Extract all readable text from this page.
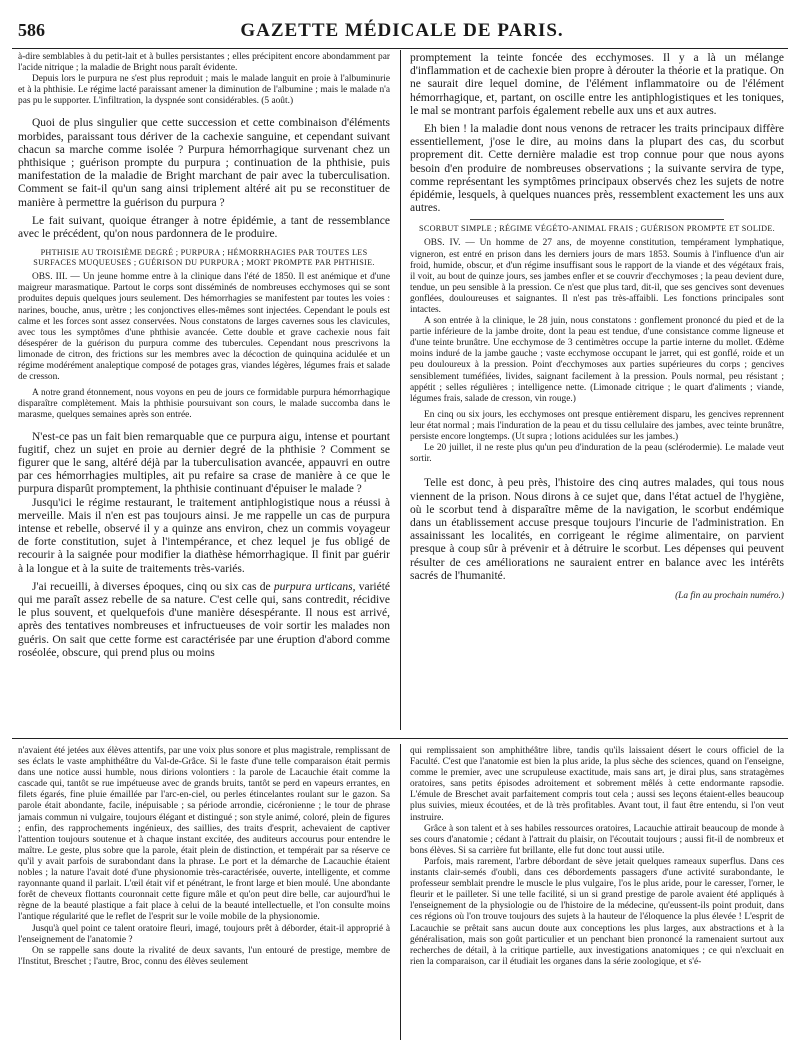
586	GAZETTE MÉDICALE DE PARIS.

à-dire semblables à du petit-lait et à bulles persistantes ; elles précipitent encore abondamment par l'acide nitrique ; la maladie de Bright nous paraît évidente.

Depuis lors le purpura ne s'est plus reproduit ; mais le malade languit en proie à l'albuminurie et à la phthisie. Le régime lacté paraissant amener la diminution de l'albumine ; mais le malade n'a pas pu le supporter. L'infiltration, la dyspnée sont considérables. (5 août.)

Quoi de plus singulier que cette succession et cette combinaison d'éléments morbides, paraissant tous dériver de la cachexie sanguine, et cependant suivant chacun sa marche comme isolée ? Purpura hémorrhagique survenant chez un phthisique ; guérison prompte du purpura ; continuation de la phthisie, puis manifestation de la maladie de Bright marchant de pair avec la tuberculisation. Comment se fait-il qu'un sang ainsi triplement altéré ait pu se reconstituer de manière à permettre la guérison du purpura ?

Le fait suivant, quoique étranger à notre épidémie, a tant de ressemblance avec le précédent, qu'on nous pardonnera de le produire.

PHTHISIE AU TROISIÈME DEGRÉ ; PURPURA ; HÉMORRHAGIES PAR TOUTES LES SURFACES MUQUEUSES ; GUÉRISON DU PURPURA ; MORT PROMPTE PAR PHTHISIE.

OBS. III. — Un jeune homme entre à la clinique dans l'été de 1850. Il est anémique et d'une maigreur marasmatique. Partout le corps sont disséminés de nombreuses ecchymoses qui se sont produites depuis quelques jours seulement. Des hémorrhagies se manifestent par toutes les voies : narines, bouche, anus, urètre ; les conjonctives elles-mêmes sont injectées. Cependant le pouls est calme et les forces sont assez conservées. Nous constatons de larges cavernes sous les clavicules, avec tous les symptômes d'une phthisie avancée. Cette double et grave cachexie nous fait désespérer de la guérison du purpura comme des tubercules. Cependant nous prescrivons la limonade de citron, des frictions sur les membres avec la décoction de quinquina acidulée et un régime modérément analeptique composé de potages gras, viandes légères, légumes frais et salade de cresson.

A notre grand étonnement, nous voyons en peu de jours ce formidable purpura hémorrhagique disparaître complètement. Mais la phthisie poursuivant son cours, le malade succomba dans le marasme, quelques semaines après son entrée.

N'est-ce pas un fait bien remarquable que ce purpura aigu, intense et pourtant fugitif, chez un sujet en proie au dernier degré de la phthisie ? Comment se figurer que le sang, altéré déjà par la tuberculisation avancée, appauvri en outre par ces hémorrhagies multiples, ait pu refaire sa crase de manière à ce que le purpura disparût promptement, la phthisie continuant d'épuiser le malade ?

Jusqu'ici le régime restaurant, le traitement antiphlogistique nous a réussi à merveille. Mais il n'en est pas toujours ainsi. Je me rappelle un cas de purpura intense et rebelle, observé il y a quinze ans environ, chez un commis voyageur de forte constitution, sujet à l'intempérance, et chez lequel je fus obligé de recourir à la saignée pour modifier la diathèse hémorrhagique. Il finit par guérir à la longue et à la suite de traitements très-variés.

J'ai recueilli, à diverses époques, cinq ou six cas de purpura urticans, variété qui me paraît assez rebelle de sa nature. C'est celle qui, sans contredit, récidive le plus souvent, et quelquefois d'une manière désespérante. Il nous est arrivé, après des tentatives nombreuses et infructueuses de voir sortir les malades non guéris. On sait que cette forme est caractérisée par une éruption d'abord comme roséolée, obscure, qui prend plus ou moins

promptement la teinte foncée des ecchymoses. Il y a là un mélange d'inflammation et de cachexie bien propre à dérouter la théorie et la pratique. On ne saurait dire lequel domine, de l'élément inflammatoire ou de l'élément hémorrhagique, et, partant, on oscille entre les antiphlogistiques et les toniques, le mal se montrant parfois également rebelle aux uns et aux autres.

Eh bien ! la maladie dont nous venons de retracer les traits principaux diffère essentiellement, j'ose le dire, au moins dans la plupart des cas, du scorbut proprement dit. Cette dernière maladie est trop connue pour que nous ayons besoin d'en produire de nombreuses observations ; la suivante servira de type, comme représentant les symptômes principaux observés chez les sujets de notre épidémie, lesquels, à quelques nuances près, ressemblent exactement les uns aux autres.

SCORBUT SIMPLE ; RÉGIME VÉGÉTO-ANIMAL FRAIS ; GUÉRISON PROMPTE ET SOLIDE.

OBS. IV. — Un homme de 27 ans, de moyenne constitution, tempérament lymphatique, vigneron, est entré en prison dans les derniers jours de mars 1853. Soumis à l'influence d'un air froid, humide, obscur, et d'un régime insuffisant sous le rapport de la viande et des végétaux frais, il voit, au bout de quinze jours, ses jambes enfler et se couvrir d'ecchymoses ; la peau devient dure, tendue, un peu sensible à la pression. Ce n'est que plus tard, dit-il, que ses gencives sont devenues gonflées, douloureuses et saignantes. Il n'est pas très-affaibli. Les fonctions principales sont intactes.

A son entrée à la clinique, le 28 juin, nous constatons : gonflement prononcé du pied et de la partie inférieure de la jambe droite, dont la peau est tendue, d'une consistance comme ligneuse et d'une teinte brunâtre. Une ecchymose de 3 centimètres occupe la partie interne du mollet. Œdème moins induré de la jambe gauche ; vaste ecchymose occupant le jarret, qui est gonflé, roide et un peu douloureux à la pression. Point d'ecchymoses aux parties supérieures du corps ; gencives sensiblement tuméfiées, livides, saignant facilement à la pression. Pouls normal, peu résistant ; appétit ; selles régulières ; intelligence nette. (Limonade citrique ; le quart d'aliments ; viande, légumes frais, salade de cresson, vin rouge.)

En cinq ou six jours, les ecchymoses ont presque entièrement disparu, les gencives reprennent leur état normal ; mais l'induration de la peau et du tissu cellulaire des jambes, avec teinte brunâtre, persiste encore longtemps. (Ut supra ; lotions acidulées sur les jambes.)

Le 20 juillet, il ne reste plus qu'un peu d'induration de la peau (sclérodermie). Le malade veut sortir.

Telle est donc, à peu près, l'histoire des cinq autres malades, qui tous nous viennent de la prison. Nous dirons à ce sujet que, dans l'état actuel de l'hygiène, où le scorbut tend à disparaître même de la navigation, le scorbut endémique dans un établissement accuse presque toujours l'incurie de l'administration. En assainissant les localités, en corrigeant le régime alimentaire, on parvient presque à coup sûr à prévenir et à détruire le scorbut. Les dépenses qui peuvent résulter de ces améliorations ne sauraient entrer en balance avec les intérêts sacrés de l'humanité.

(La fin au prochain numéro.)

n'avaient été jetées aux élèves attentifs, par une voix plus sonore et plus magistrale, remplissant de ses éclats le vaste amphithéâtre du Val-de-Grâce. Si le faste d'une telle comparaison était permis dans une notice aussi humble, nous dirions volontiers : la parole de Lacauchie était comme la cascade qui, tantôt se rue impétueuse avec de grands bruits, tantôt se perd en vapeurs errantes, en filets égarés, fine pluie émaillée par l'arc-en-ciel, ou perles étincelantes roulant sur le gazon. Sa parole était abondante, facile, inépuisable ; sa période arrondie, cicéronienne ; le tour de phrase jamais commun ni vulgaire, toujours élégant et distingué ; son style animé, coloré, plein de figures ; enfin, des rapprochements ingénieux, des saillies, des traits d'esprit, achevaient de captiver l'attention toujours soutenue et à chaque instant excitée, des auditeurs accourus pour entendre le maître. Le geste, plus sobre que la parole, était plein de distinction, et tempérait par sa réserve ce qu'il y avait parfois de surabondant dans la phrase. Le port et la démarche de Lacauchie étaient nobles ; la nature l'avait doté d'une physionomie très-caractérisée, ouverte, intelligente, et comme rayonnante quand il parlait. L'œil était vif et pénétrant, le front large et bien moulé. Une abondante forêt de cheveux flottants couronnait cette figure mâle et qu'on peut dire belle, car aujourd'hui le règne de la beauté plastique a fait place à celui de la beauté intellectuelle, et l'on consulte moins l'antique régularité que le reflet de l'esprit sur le voile mobile de la physionomie.

Jusqu'à quel point ce talent oratoire fleuri, imagé, toujours prêt à déborder, était-il approprié à l'enseignement de l'anatomie ?

On se rappelle sans doute la rivalité de deux savants, l'un entouré de prestige, membre de l'Institut, Breschet ; l'autre, Broc, connu des élèves seulement

qui remplissaient son amphithéâtre libre, tandis qu'ils laissaient désert le cours officiel de la Faculté. C'est que l'anatomie est bien la plus aride, la plus sèche des sciences, quand on l'enseigne, comme le premier, avec une scrupuleuse exactitude, mais sans art, je dirai plus, sans stratagèmes oratoires, sans petits épisodes adroitement et sobrement mêlés à cette endormante rapsodie. L'émule de Breschet avait parfaitement compris tout cela ; aussi ses leçons étaient-elles beaucoup plus suivies, mieux écoutées, et de là très profitables. Avant tout, il faut être entendu, si l'on veut instruire.

Grâce à son talent et à ses habiles ressources oratoires, Lacauchie attirait beaucoup de monde à ses cours d'anatomie ; cédant à l'attrait du plaisir, on l'écoutait toujours ; aussi fit-il de nombreux et bons élèves. Si sa carrière fut brillante, elle fut donc tout aussi utile.

Parfois, mais rarement, l'arbre débordant de sève jetait quelques rameaux superflus. Dans ces instants clair-semés d'oubli, dans ces débordements passagers d'une activité surabondante, le professeur semblait prendre le muscle le plus vulgaire, l'os le plus aride, pour le caresser, l'orner, le fleurir et le pailleter. Si une telle facilité, si un si grand prestige de parole avaient été appliqués à l'enseignement de la physiologie ou de l'histoire de la médecine, qu'eussent-ils point produit, dans ces régions où l'on trouve toujours des sujets à la hauteur de l'éloquence la plus élevée ! L'esprit de Lacauchie se prêtait sans aucun doute aux conceptions les plus larges, aux abstractions et à la généralisation, mais son goût particulier et un penchant bien prononcé la ramenaient surtout aux recherches de détail, à la critique partielle, aux investigations anatomiques ; ce qui n'excluait en rien la comparaison, car il étudiait les organes dans la série zoologique, et s'é-
